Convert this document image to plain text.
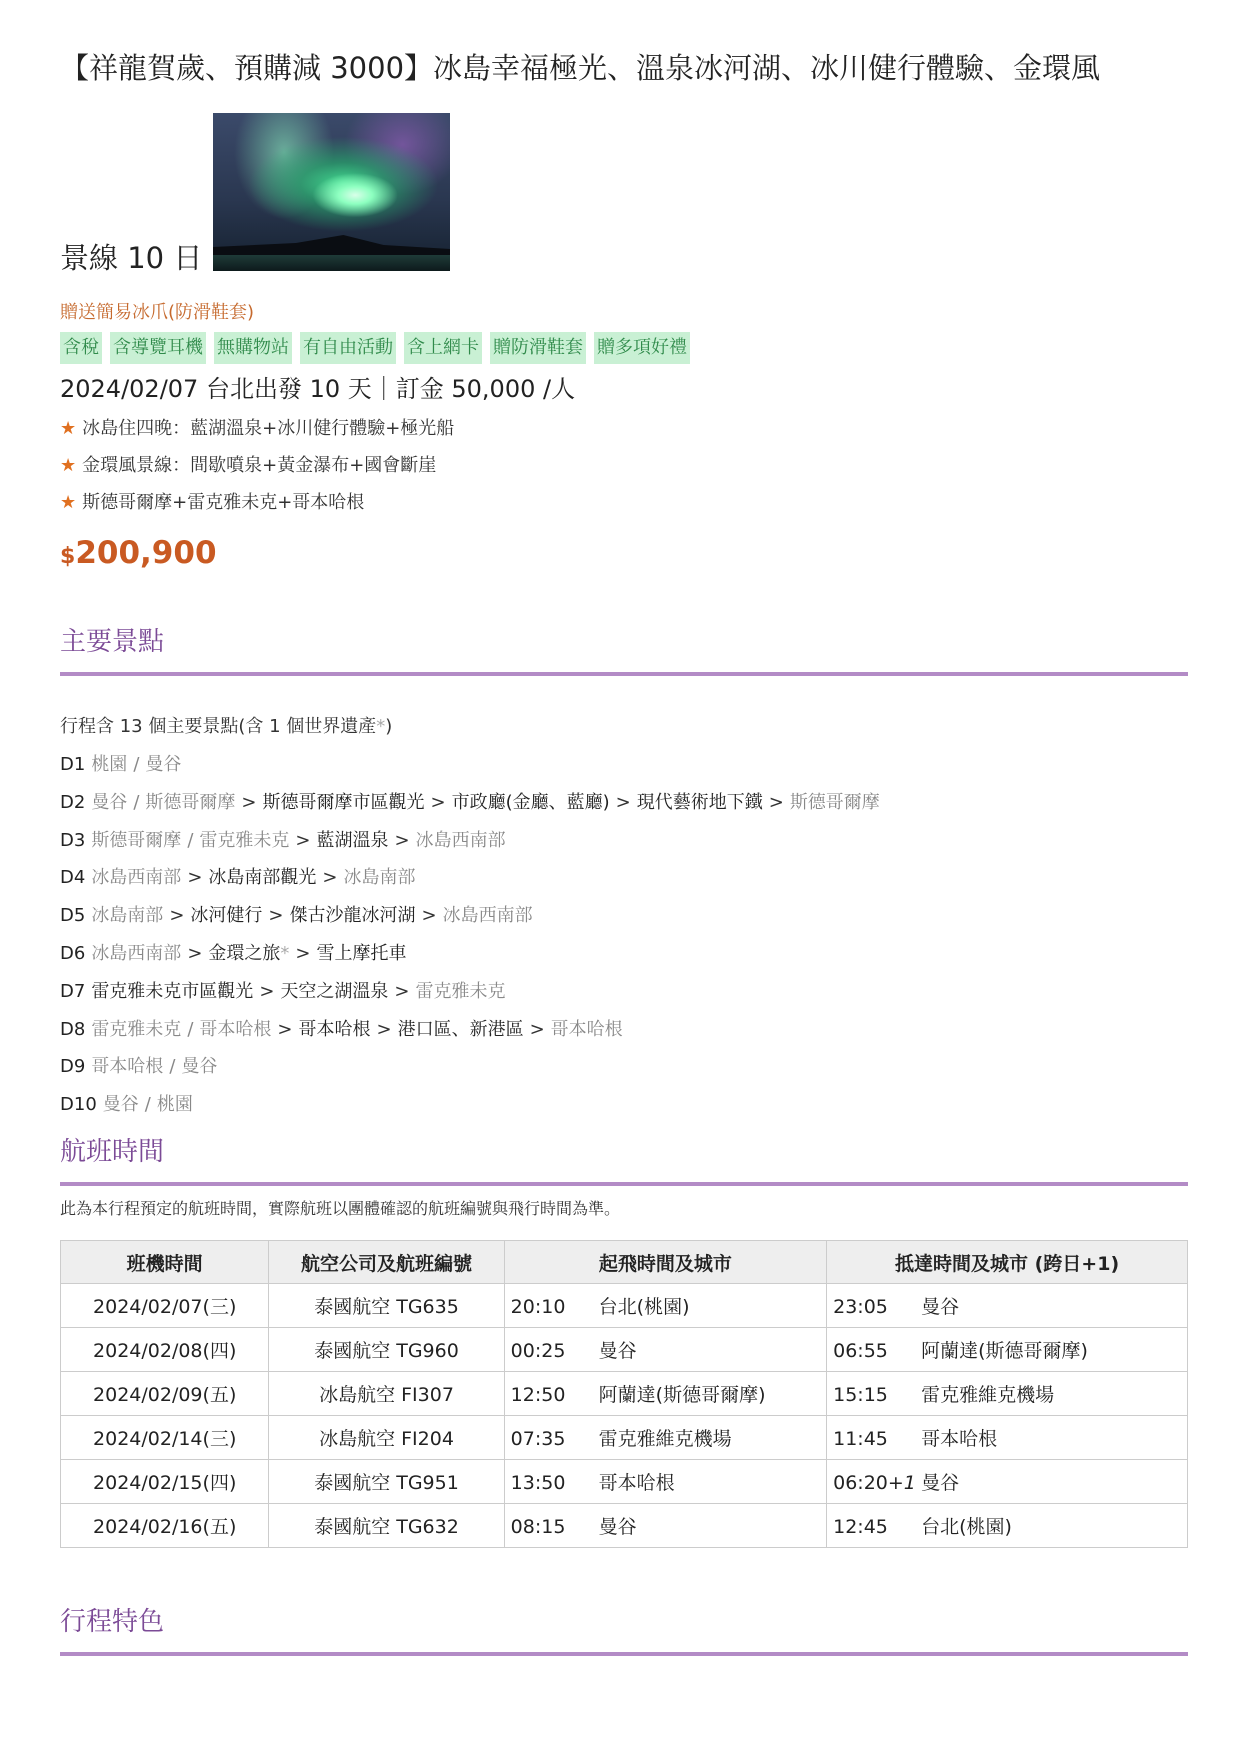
【祥龍賀歲、預購減 3000】冰島幸福極光、溫泉冰河湖、冰川健行體驗、金環風
景線 10 日
贈送簡易冰爪(防滑鞋套)
含稅 含導覽耳機 無購物站 有自由活動 含上網卡 贈防滑鞋套 贈多項好禮
2024/02/07 台北出發 10 天｜訂金 50,000 /人
★ 冰島住四晚：藍湖溫泉+冰川健行體驗+極光船
★ 金環風景線：間歇噴泉+黃金瀑布+國會斷崖
★ 斯德哥爾摩+雷克雅未克+哥本哈根
$200,900
主要景點
行程含 13 個主要景點(含 1 個世界遺產*)
D1 桃園 / 曼谷
D2 曼谷 / 斯德哥爾摩 > 斯德哥爾摩市區觀光 > 市政廳(金廳、藍廳) > 現代藝術地下鐵 > 斯德哥爾摩
D3 斯德哥爾摩 / 雷克雅未克 > 藍湖溫泉 > 冰島西南部
D4 冰島西南部 > 冰島南部觀光 > 冰島南部
D5 冰島南部 > 冰河健行 > 傑古沙龍冰河湖 > 冰島西南部
D6 冰島西南部 > 金環之旅* > 雪上摩托車
D7 雷克雅未克市區觀光 > 天空之湖溫泉 > 雷克雅未克
D8 雷克雅未克 / 哥本哈根 > 哥本哈根 > 港口區、新港區 > 哥本哈根
D9 哥本哈根 / 曼谷
D10 曼谷 / 桃園
航班時間
此為本行程預定的航班時間，實際航班以團體確認的航班編號與飛行時間為準。
班機時間	航空公司及航班編號	起飛時間及城市	抵達時間及城市 (跨日+1)
2024/02/07(三)	泰國航空 TG635	20:10 台北(桃園)	23:05 曼谷
2024/02/08(四)	泰國航空 TG960	00:25 曼谷	06:55 阿蘭達(斯德哥爾摩)
2024/02/09(五)	冰島航空 FI307	12:50 阿蘭達(斯德哥爾摩)	15:15 雷克雅維克機場
2024/02/14(三)	冰島航空 FI204	07:35 雷克雅維克機場	11:45 哥本哈根
2024/02/15(四)	泰國航空 TG951	13:50 哥本哈根	06:20+1 曼谷
2024/02/16(五)	泰國航空 TG632	08:15 曼谷	12:45 台北(桃園)
行程特色
